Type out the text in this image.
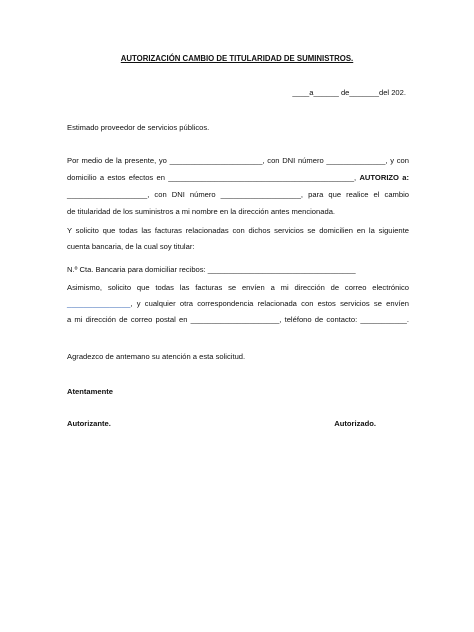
AUTORIZACIÓN CAMBIO DE TITULARIDAD DE SUMINISTROS.

____a______ de_______del 202.

Estimado proveedor de servicios públicos.

Por medio de la presente, yo ______________________, con DNI número ______________, y con

domicilio a estos efectos en ____________________________________________, AUTORIZO a:

___________________, con DNI número ___________________, para que realice el cambio

de titularidad de los suministros a mi nombre en la dirección antes mencionada.

Y solicito que todas las facturas relacionadas con dichos servicios se domicilien en la siguiente

cuenta bancaria, de la cual soy titular:

N.º Cta. Bancaria para domiciliar recibos: ___________________________________

Asimismo, solicito que todas las facturas se envíen a mi dirección de correo electrónico

_______________, y cualquier otra correspondencia relacionada con estos servicios se envíen

a mi dirección de correo postal en _____________________, teléfono de contacto: ___________.

Agradezco de antemano su atención a esta solicitud.

Atentamente

Autorizante.	Autorizado.
